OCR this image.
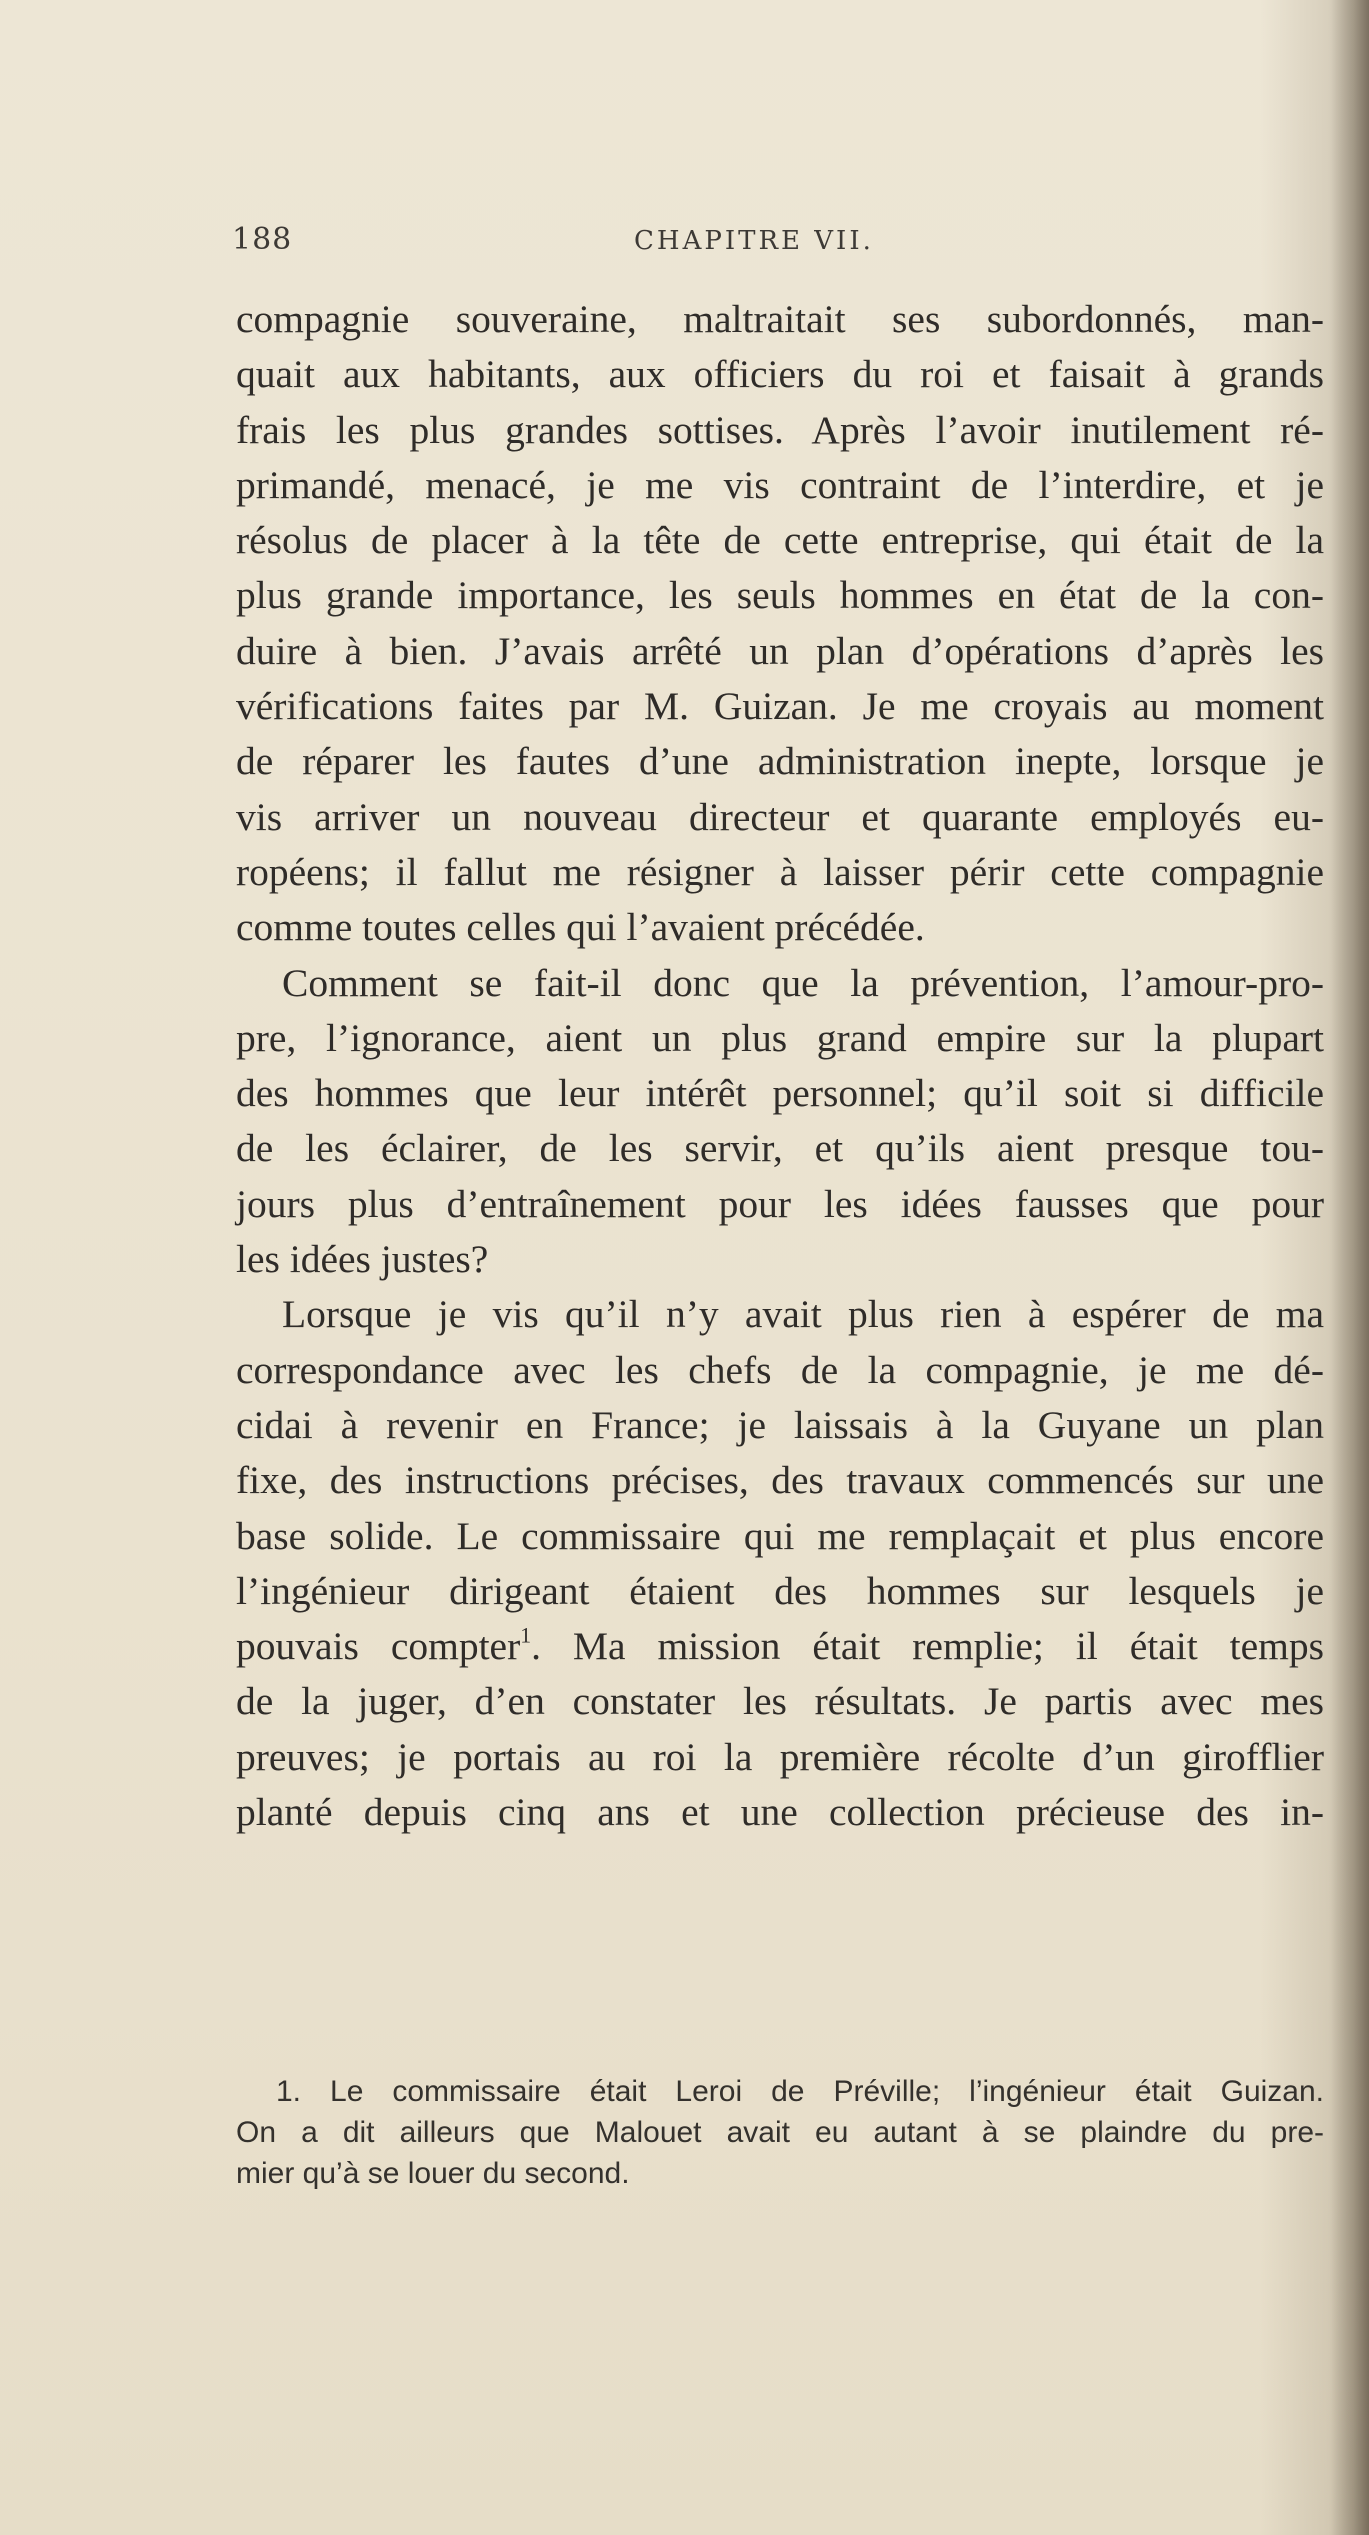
188	CHAPITRE VII.
compagnie souveraine, maltraitait ses subordonnés, man-
quait aux habitants, aux officiers du roi et faisait à grands
frais les plus grandes sottises. Après l’avoir inutilement ré-
primandé, menacé, je me vis contraint de l’interdire, et je
résolus de placer à la tête de cette entreprise, qui était de la
plus grande importance, les seuls hommes en état de la con-
duire à bien. J’avais arrêté un plan d’opérations d’après les
vérifications faites par M. Guizan. Je me croyais au moment
de réparer les fautes d’une administration inepte, lorsque je
vis arriver un nouveau directeur et quarante employés eu-
ropéens; il fallut me résigner à laisser périr cette compagnie
comme toutes celles qui l’avaient précédée.
Comment se fait-il donc que la prévention, l’amour-pro-
pre, l’ignorance, aient un plus grand empire sur la plupart
des hommes que leur intérêt personnel; qu’il soit si difficile
de les éclairer, de les servir, et qu’ils aient presque tou-
jours plus d’entraînement pour les idées fausses que pour
les idées justes?
Lorsque je vis qu’il n’y avait plus rien à espérer de ma
correspondance avec les chefs de la compagnie, je me dé-
cidai à revenir en France; je laissais à la Guyane un plan
fixe, des instructions précises, des travaux commencés sur une
base solide. Le commissaire qui me remplaçait et plus encore
l’ingénieur dirigeant étaient des hommes sur lesquels je
pouvais compter$^1$. Ma mission était remplie; il était temps
de la juger, d’en constater les résultats. Je partis avec mes
preuves; je portais au roi la première récolte d’un girofflier
planté depuis cinq ans et une collection précieuse des in-
1. Le commissaire était Leroi de Préville; l’ingénieur était Guizan.
On a dit ailleurs que Malouet avait eu autant à se plaindre du pre-
mier qu’à se louer du second.
